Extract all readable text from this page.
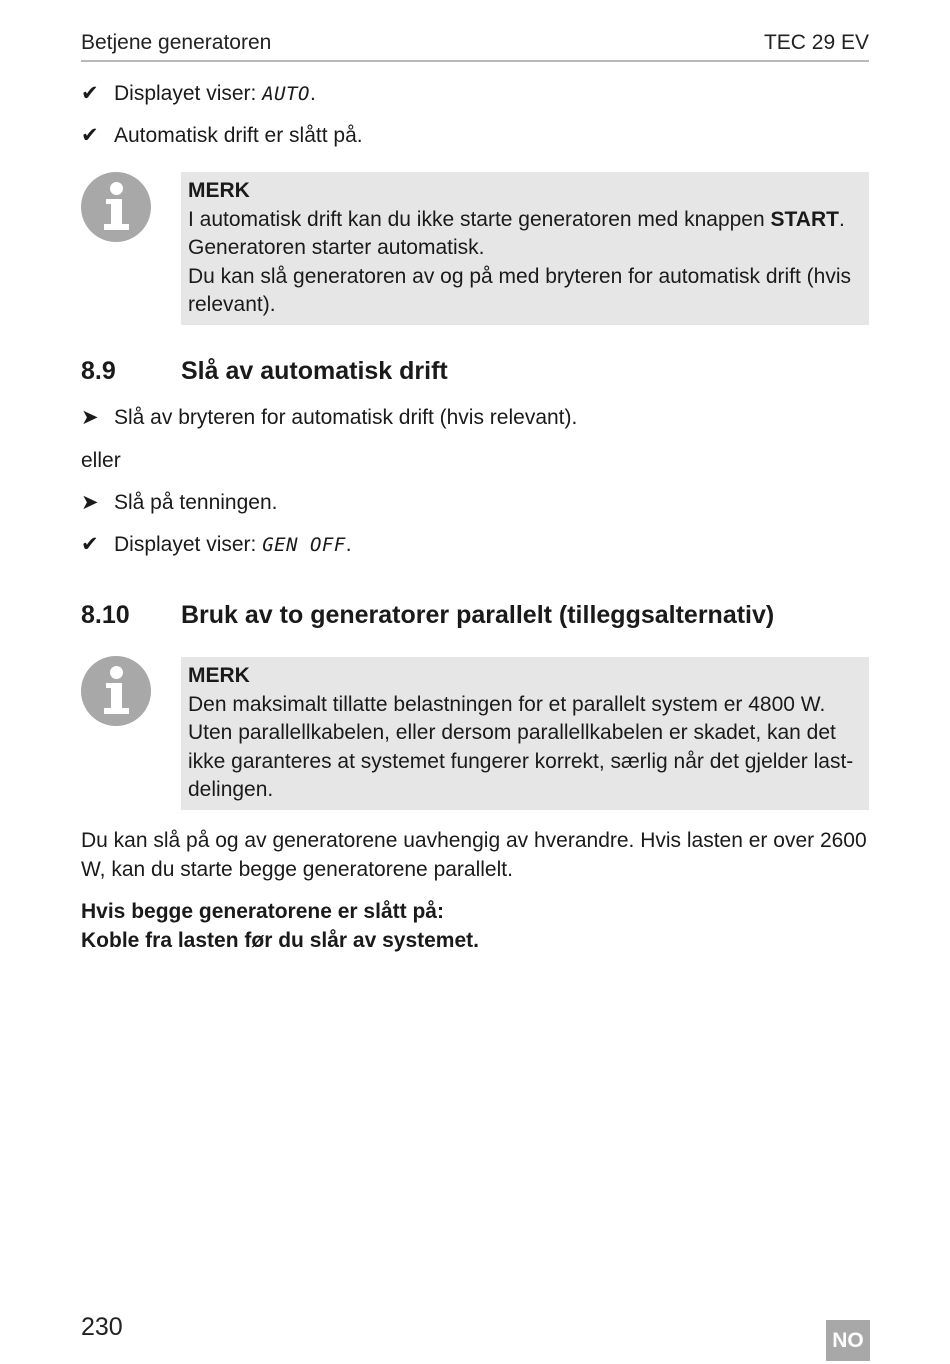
Betjene generatoren	TEC 29 EV
✔ Displayet viser: AUTO.
✔ Automatisk drift er slått på.
MERK
I automatisk drift kan du ikke starte generatoren med knappen START.
Generatoren starter automatisk.
Du kan slå generatoren av og på med bryteren for automatisk drift (hvis relevant).
8.9	Slå av automatisk drift
➤ Slå av bryteren for automatisk drift (hvis relevant).
eller
➤ Slå på tenningen.
✔ Displayet viser: GEN OFF.
8.10 Bruk av to generatorer parallelt (tilleggsalternativ)
MERK
Den maksimalt tillatte belastningen for et parallelt system er 4800 W.
Uten parallellkabelen, eller dersom parallellkabelen er skadet, kan det ikke garanteres at systemet fungerer korrekt, særlig når det gjelder last-delingen.
Du kan slå på og av generatorene uavhengig av hverandre. Hvis lasten er over 2600 W, kan du starte begge generatorene parallelt.
Hvis begge generatorene er slått på:
Koble fra lasten før du slår av systemet.
230	NO
